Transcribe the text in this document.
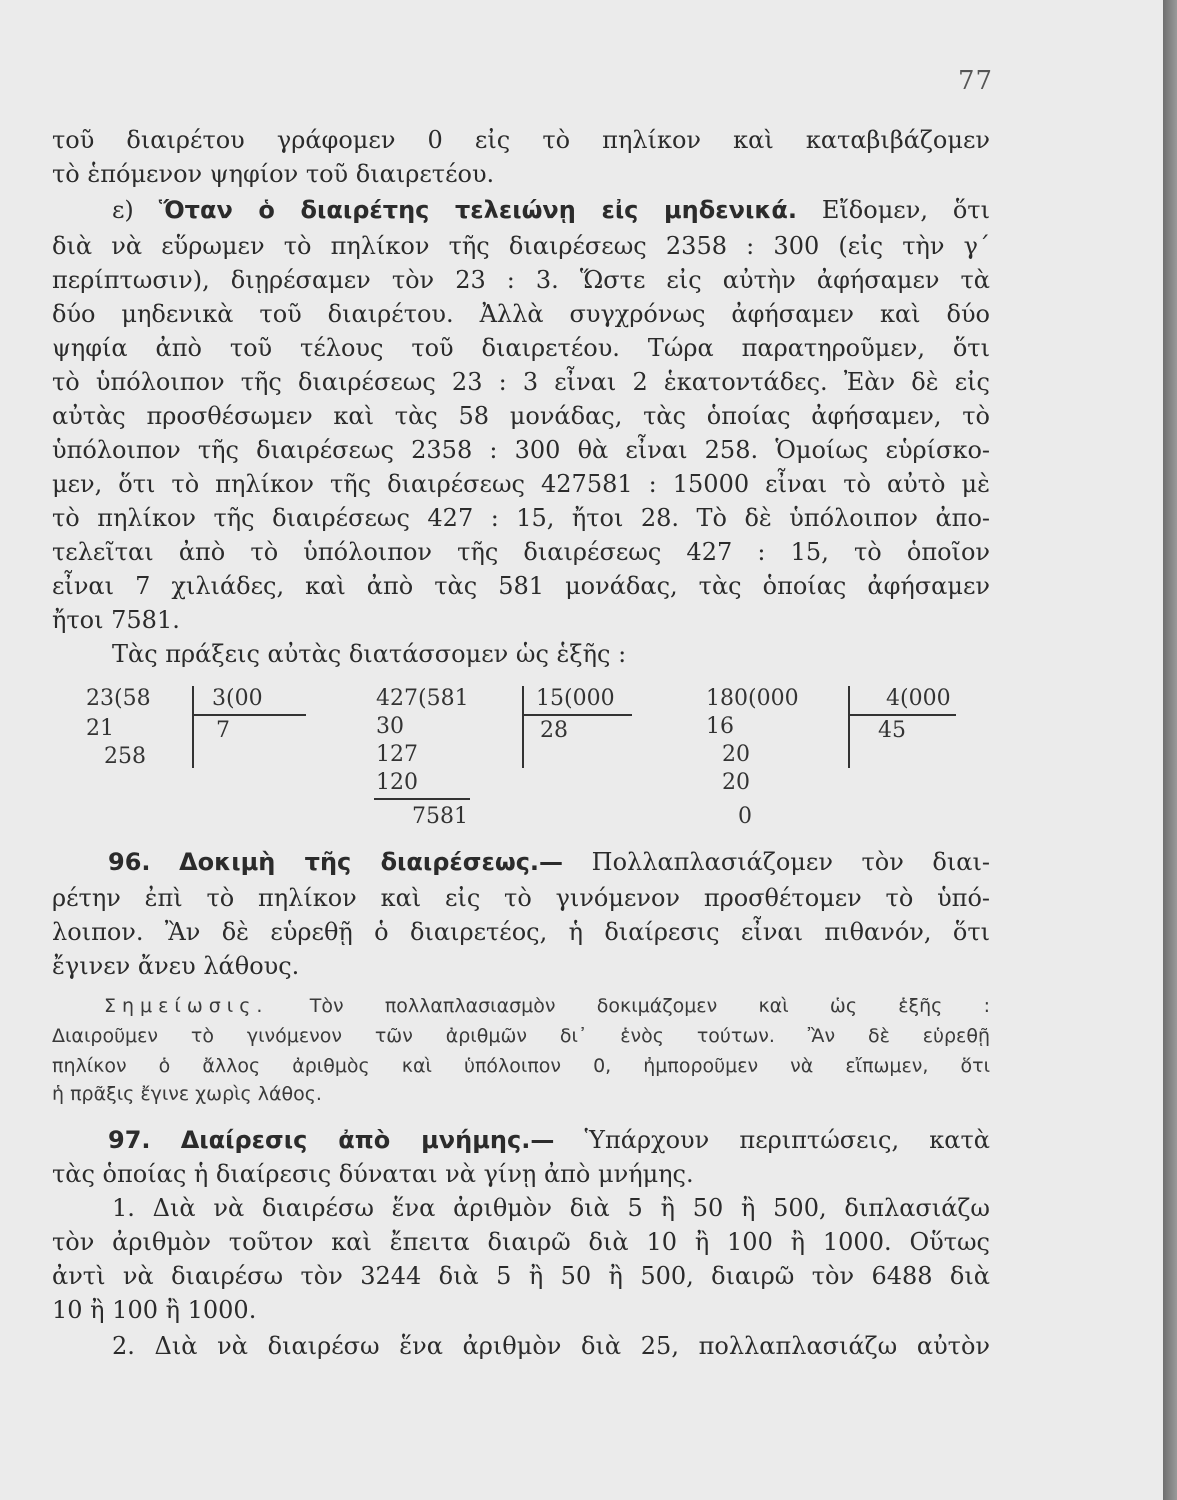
77
τοῦ διαιρέτου γράφομεν 0 εἰς τὸ πηλίκον καὶ καταβιβάζομεν
τὸ ἑπόμενον ψηφίον τοῦ διαιρετέου.
ε) Ὅταν ὁ διαιρέτης τελειώνῃ εἰς μηδενικά. Εἴδομεν, ὅτι
διὰ νὰ εὕρωμεν τὸ πηλίκον τῆς διαιρέσεως 2358 : 300 (εἰς τὴν γ´
περίπτωσιν), διῃρέσαμεν τὸν 23 : 3. Ὥστε εἰς αὐτὴν ἀφήσαμεν τὰ
δύο μηδενικὰ τοῦ διαιρέτου. Ἀλλὰ συγχρόνως ἀφήσαμεν καὶ δύο
ψηφία ἀπὸ τοῦ τέλους τοῦ διαιρετέου. Τώρα παρατηροῦμεν, ὅτι
τὸ ὑπόλοιπον τῆς διαιρέσεως 23 : 3 εἶναι 2 ἑκατοντάδες. Ἐὰν δὲ εἰς
αὐτὰς προσθέσωμεν καὶ τὰς 58 μονάδας, τὰς ὁποίας ἀφήσαμεν, τὸ
ὑπόλοιπον τῆς διαιρέσεως 2358 : 300 θὰ εἶναι 258. Ὁμοίως εὑρίσκο-
μεν, ὅτι τὸ πηλίκον τῆς διαιρέσεως 427581 : 15000 εἶναι τὸ αὐτὸ μὲ
τὸ πηλίκον τῆς διαιρέσεως 427 : 15, ἤτοι 28. Τὸ δὲ ὑπόλοιπον ἀπο-
τελεῖται ἀπὸ τὸ ὑπόλοιπον τῆς διαιρέσεως 427 : 15, τὸ ὁποῖον
εἶναι 7 χιλιάδες, καὶ ἀπὸ τὰς 581 μονάδας, τὰς ὁποίας ἀφήσαμεν
ἤτοι 7581.
Τὰς πράξεις αὐτὰς διατάσσομεν ὡς ἑξῆς :
23(58
21
258
3(00
7
427(581
30
127
120
7581
15(000
28
180(000
16
20
20
0
4(000
45
96. Δοκιμὴ τῆς διαιρέσεως.— Πολλαπλασιάζομεν τὸν διαι-
ρέτην ἐπὶ τὸ πηλίκον καὶ εἰς τὸ γινόμενον προσθέτομεν τὸ ὑπό-
λοιπον. Ἂν δὲ εὑρεθῇ ὁ διαιρετέος, ἡ διαίρεσις εἶναι πιθανόν, ὅτι
ἔγινεν ἄνευ λάθους.
Σημείωσις. Τὸν πολλαπλασιασμὸν δοκιμάζομεν καὶ ὡς ἑξῆς :
Διαιροῦμεν τὸ γινόμενον τῶν ἀριθμῶν δι᾽ ἑνὸς τούτων. Ἂν δὲ εὑρεθῇ
πηλίκον ὁ ἄλλος ἀριθμὸς καὶ ὑπόλοιπον 0, ἠμποροῦμεν νὰ εἴπωμεν, ὅτι
ἡ πρᾶξις ἔγινε χωρὶς λάθος.
97. Διαίρεσις ἀπὸ μνήμης.— Ὑπάρχουν περιπτώσεις, κατὰ
τὰς ὁποίας ἡ διαίρεσις δύναται νὰ γίνῃ ἀπὸ μνήμης.
1. Διὰ νὰ διαιρέσω ἕνα ἀριθμὸν διὰ 5 ἢ 50 ἢ 500, διπλασιάζω
τὸν ἀριθμὸν τοῦτον καὶ ἔπειτα διαιρῶ διὰ 10 ἢ 100 ἢ 1000. Οὕτως
ἀντὶ νὰ διαιρέσω τὸν 3244 διὰ 5 ἢ 50 ἢ 500, διαιρῶ τὸν 6488 διὰ
10 ἢ 100 ἢ 1000.
2. Διὰ νὰ διαιρέσω ἕνα ἀριθμὸν διὰ 25, πολλαπλασιάζω αὐτὸν
